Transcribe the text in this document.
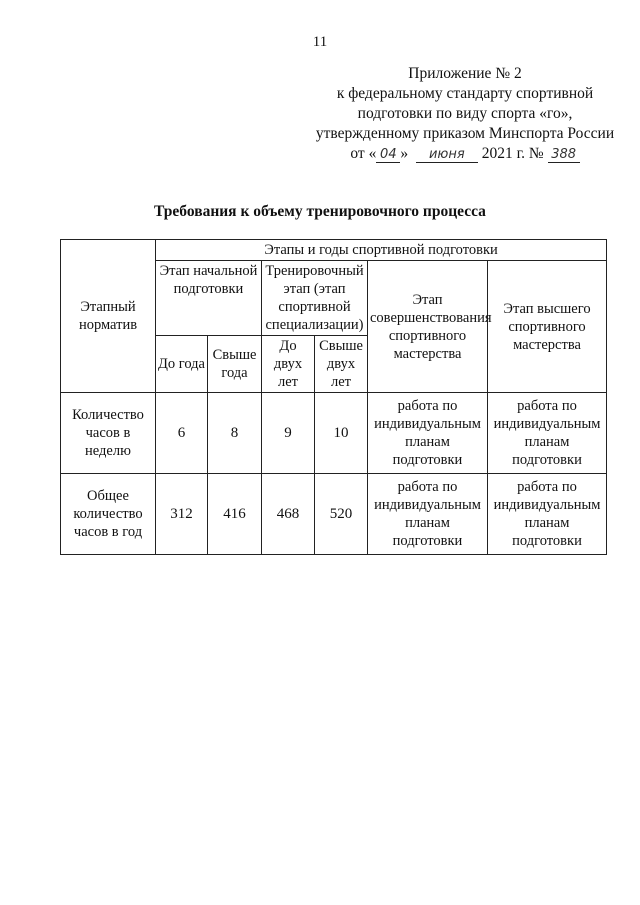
11
Приложение № 2
к федеральному стандарту спортивной
подготовки по виду спорта «го»,
утвержденному приказом Минспорта России
от « 04 » июня 2021 г. № 388
Требования к объему тренировочного процесса
Этапный норматив	Этапы и годы спортивной подготовки					
	Этап начальной подготовки		Тренировочный этап (этап спортивной специализации)		Этап совершенствования спортивного мастерства	Этап высшего спортивного мастерства
	До года	Свыше года	До двух лет	Свыше двух лет		
Количество часов в неделю	6	8	9	10	работа по индивидуальным планам подготовки	работа по индивидуальным планам подготовки
Общее количество часов в год	312	416	468	520	работа по индивидуальным планам подготовки	работа по индивидуальным планам подготовки
